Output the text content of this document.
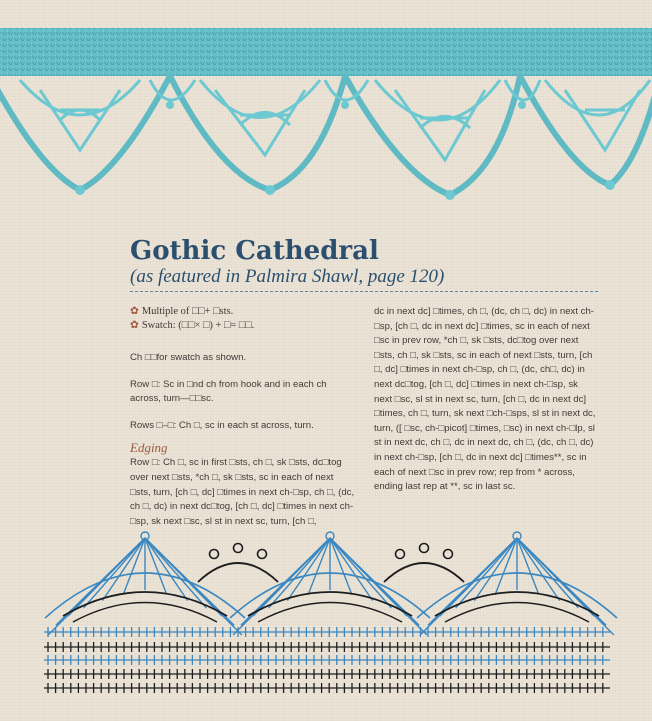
Gothic Cathedral

(as featured in Palmira Shawl, page 120)

✿ Multiple of □□+ □sts.

✿ Swatch: (□□× □) + □= □□.

Ch □□for swatch as shown.

Row □: Sc in □nd ch from hook and in each ch across, turn—□□sc.

Rows □–□: Ch □, sc in each st across, turn.

Edging

Row □: Ch □, sc in first □sts, ch □, sk □sts, dc□tog over next □sts, *ch □, sk □sts, sc in each of next □sts, turn, [ch □, dc] □times in next ch-□sp, ch □, (dc, ch □, dc) in next dc□tog, [ch □, dc] □times in next ch-□sp, sk next □sc, sl st in next sc, turn, [ch □,

dc in next dc] □times, ch □, (dc, ch □, dc) in next ch-□sp, [ch □, dc in next dc] □times, sc in each of next □sc in prev row, *ch □, sk □sts, dc□tog over next □sts, ch □, sk □sts, sc in each of next □sts, turn, [ch □, dc] □times in next ch-□sp, ch □, (dc, ch□, dc) in next dc□tog, [ch □, dc] □times in next ch-□sp, sk next □sc, sl st in next sc, turn, [ch □, dc in next dc] □times, ch □, turn, sk next □ch-□sps, sl st in next dc, turn, ([ □sc, ch-□picot] □times, □sc) in next ch-□lp, sl st in next dc, ch □, dc in next dc, ch □, (dc, ch □, dc) in next ch-□sp, [ch □, dc in next dc] □times**, sc in each of next □sc in prev row; rep from * across, ending last rep at **, sc in last sc.
